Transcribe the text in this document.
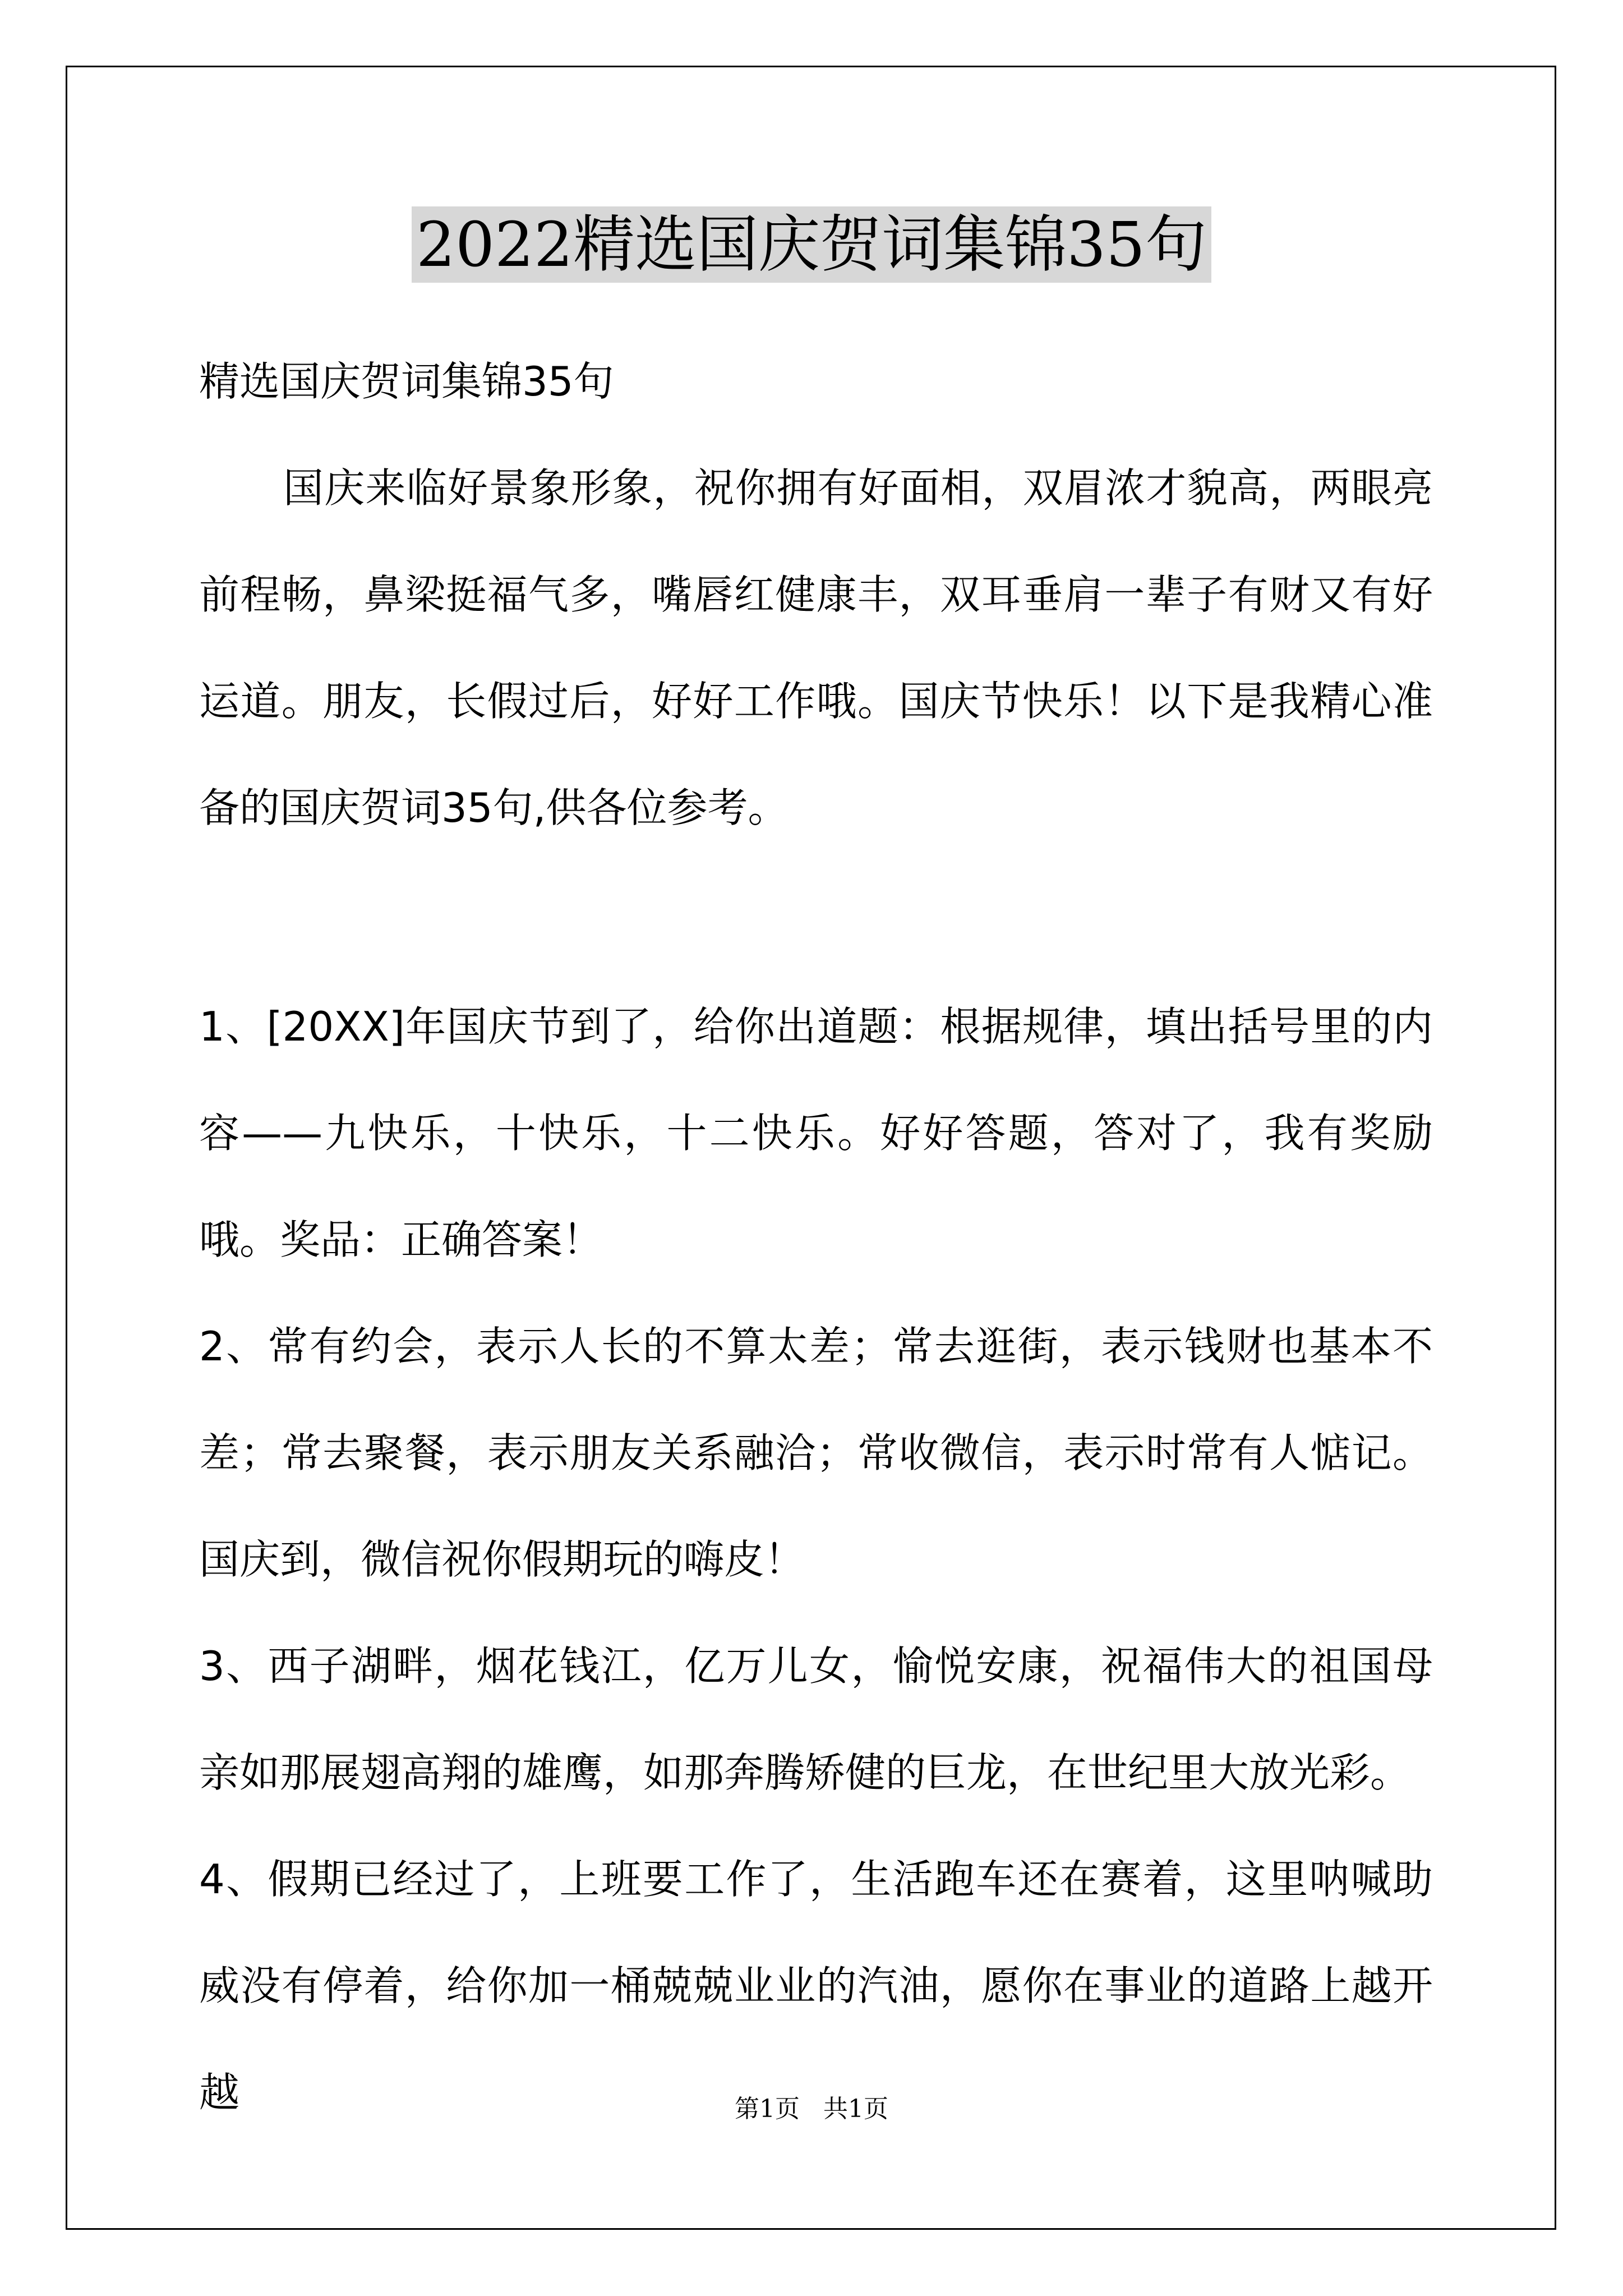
2022精选国庆贺词集锦35句

精选国庆贺词集锦35句

国庆来临好景象形象，祝你拥有好面相，双眉浓才貌高，两眼亮前程畅，鼻梁挺福气多，嘴唇红健康丰，双耳垂肩一辈子有财又有好运道。朋友，长假过后，好好工作哦。国庆节快乐！以下是我精心准备的国庆贺词35句,供各位参考。

1、[20XX]年国庆节到了，给你出道题：根据规律，填出括号里的内容——九快乐，十快乐，十二快乐。好好答题，答对了，我有奖励哦。奖品：正确答案！

2、常有约会，表示人长的不算太差；常去逛街，表示钱财也基本不差；常去聚餐，表示朋友关系融洽；常收微信，表示时常有人惦记。国庆到，微信祝你假期玩的嗨皮！

3、西子湖畔，烟花钱江，亿万儿女，愉悦安康，祝福伟大的祖国母亲如那展翅高翔的雄鹰，如那奔腾矫健的巨龙，在世纪里大放光彩。

4、假期已经过了，上班要工作了，生活跑车还在赛着，这里呐喊助威没有停着，给你加一桶兢兢业业的汽油，愿你在事业的道路上越开越	第1页   共1页
